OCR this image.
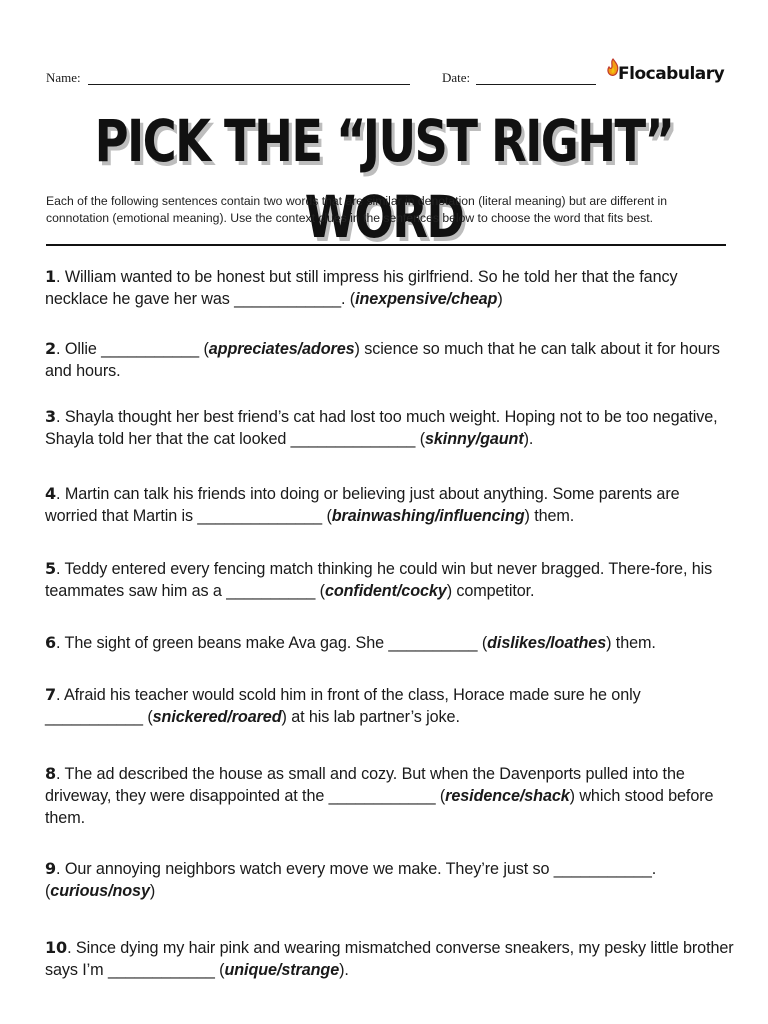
Name:	Date:	Flocabulary
PICK THE “JUST RIGHT” WORD
Each of the following sentences contain two words that are similar in denotation (literal meaning) but are different in connotation (emotional meaning). Use the context clues in the sentences below to choose the word that fits best.
1. William wanted to be honest but still impress his girlfriend. So he told her that the fancy necklace he gave her was ____________. (inexpensive/cheap)
2. Ollie ___________ (appreciates/adores) science so much that he can talk about it for hours and hours.
3. Shayla thought her best friend’s cat had lost too much weight. Hoping not to be too negative, Shayla told her that the cat looked ______________ (skinny/gaunt).
4. Martin can talk his friends into doing or believing just about anything. Some parents are worried that Martin is ______________ (brainwashing/influencing) them.
5. Teddy entered every fencing match thinking he could win but never bragged. There-fore, his teammates saw him as a __________ (confident/cocky) competitor.
6. The sight of green beans make Ava gag. She __________ (dislikes/loathes) them.
7. Afraid his teacher would scold him in front of the class, Horace made sure he only ___________ (snickered/roared) at his lab partner’s joke.
8. The ad described the house as small and cozy. But when the Davenports pulled into the driveway, they were disappointed at the ____________ (residence/shack) which stood before them.
9. Our annoying neighbors watch every move we make. They’re just so ___________. (curious/nosy)
10. Since dying my hair pink and wearing mismatched converse sneakers, my pesky little brother says I’m ____________ (unique/strange).
